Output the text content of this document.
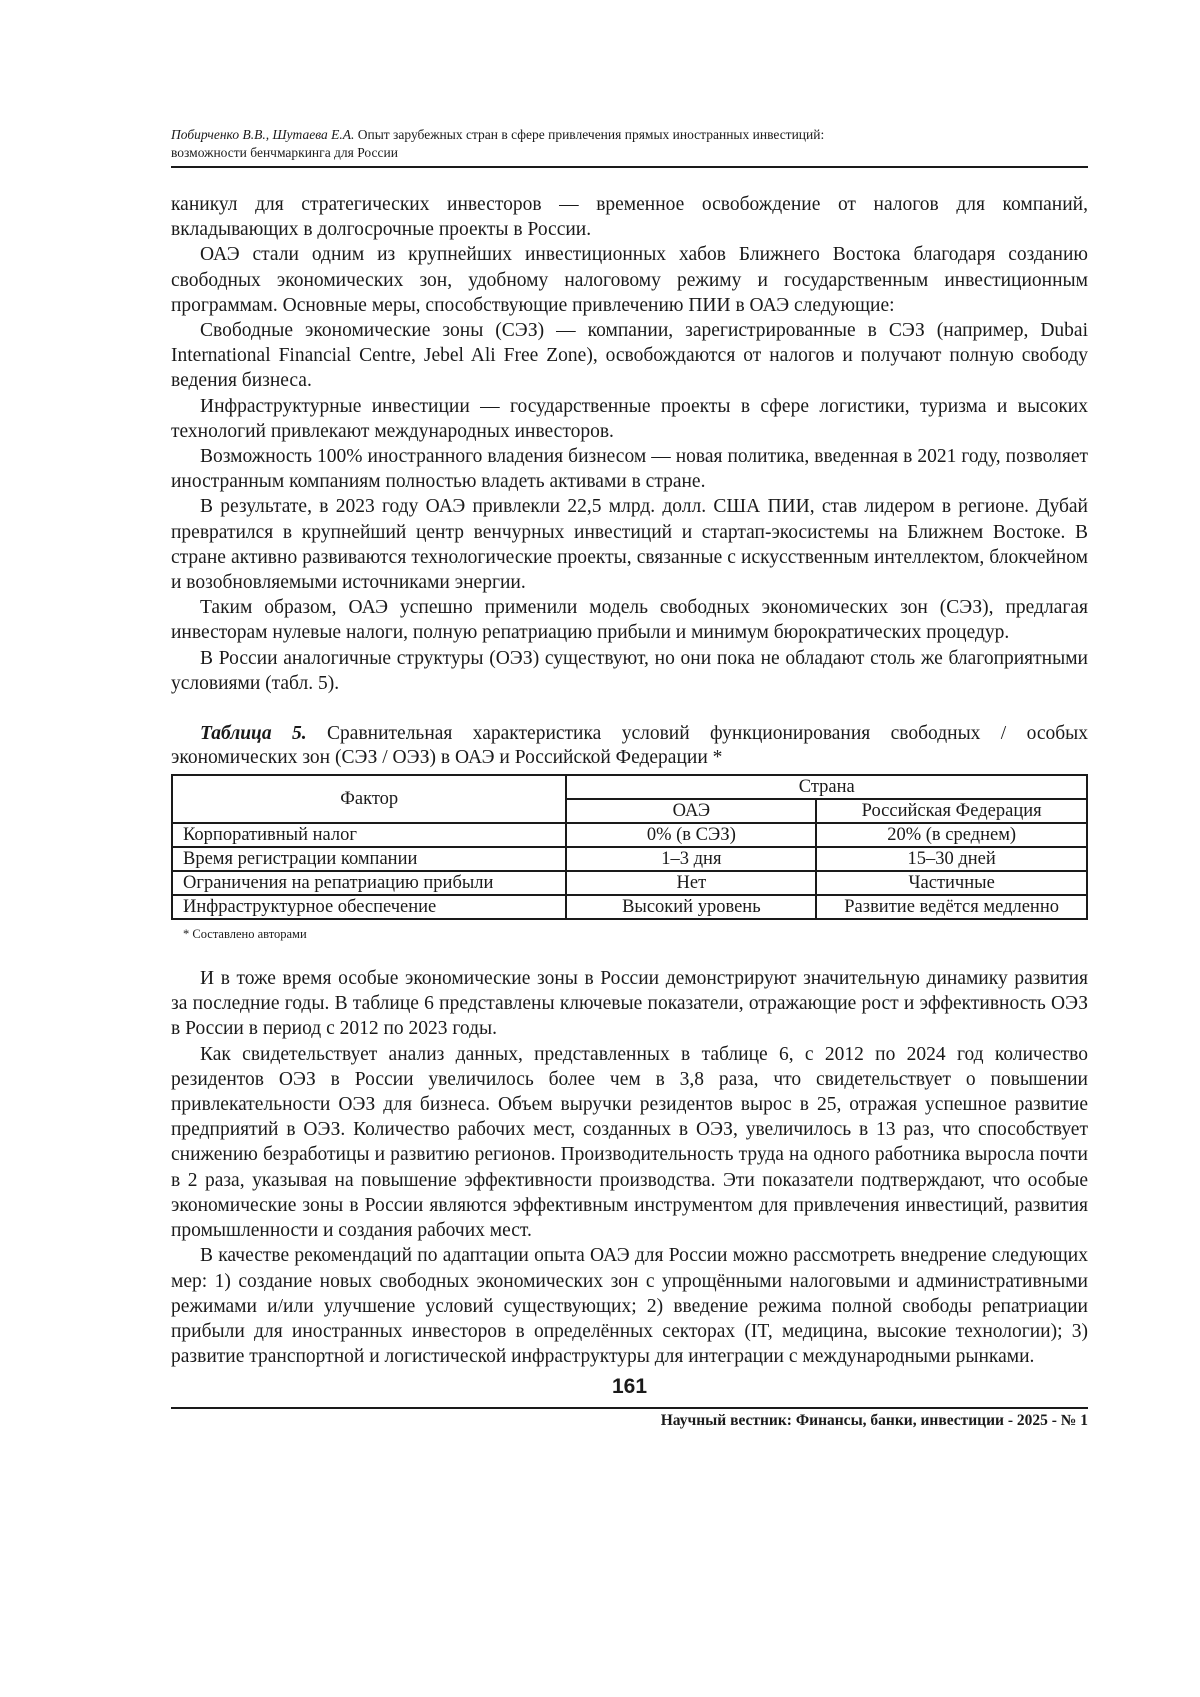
Побирченко В.В., Шутаева Е.А. Опыт зарубежных стран в сфере привлечения прямых иностранных инвестиций:
возможности бенчмаркинга для России

каникул для стратегических инвесторов — временное освобождение от налогов для компаний, вкладывающих в долгосрочные проекты в России.

ОАЭ стали одним из крупнейших инвестиционных хабов Ближнего Востока благодаря созданию свободных экономических зон, удобному налоговому режиму и государственным инвестиционным программам. Основные меры, способствующие привлечению ПИИ в ОАЭ следующие:

Свободные экономические зоны (СЭЗ) — компании, зарегистрированные в СЭЗ (например, Dubai International Financial Centre, Jebel Ali Free Zone), освобождаются от налогов и получают полную свободу ведения бизнеса.

Инфраструктурные инвестиции — государственные проекты в сфере логистики, туризма и высоких технологий привлекают международных инвесторов.

Возможность 100% иностранного владения бизнесом — новая политика, введенная в 2021 году, позволяет иностранным компаниям полностью владеть активами в стране.

В результате, в 2023 году ОАЭ привлекли 22,5 млрд. долл. США ПИИ, став лидером в регионе. Дубай превратился в крупнейший центр венчурных инвестиций и стартап-экосистемы на Ближнем Востоке. В стране активно развиваются технологические проекты, связанные с искусственным интеллектом, блокчейном и возобновляемыми источниками энергии.

Таким образом, ОАЭ успешно применили модель свободных экономических зон (СЭЗ), предлагая инвесторам нулевые налоги, полную репатриацию прибыли и минимум бюрократических процедур.

В России аналогичные структуры (ОЭЗ) существуют, но они пока не обладают столь же благоприятными условиями (табл. 5).

Таблица 5. Сравнительная характеристика условий функционирования свободных / особых экономических зон (СЭЗ / ОЭЗ) в ОАЭ и Российской Федерации *
Фактор	Страна	
	ОАЭ	Российская Федерация
Корпоративный налог	0% (в СЭЗ)	20% (в среднем)
Время регистрации компании	1–3 дня	15–30 дней
Ограничения на репатриацию прибыли	Нет	Частичные
Инфраструктурное обеспечение	Высокий уровень	Развитие ведётся медленно
* Составлено авторами

И в тоже время особые экономические зоны в России демонстрируют значительную динамику развития за последние годы. В таблице 6 представлены ключевые показатели, отражающие рост и эффективность ОЭЗ в России в период с 2012 по 2023 годы.

Как свидетельствует анализ данных, представленных в таблице 6, с 2012 по 2024 год количество резидентов ОЭЗ в России увеличилось более чем в 3,8 раза, что свидетельствует о повышении привлекательности ОЭЗ для бизнеса. Объем выручки резидентов вырос в 25, отражая успешное развитие предприятий в ОЭЗ. Количество рабочих мест, созданных в ОЭЗ, увеличилось в 13 раз, что способствует снижению безработицы и развитию регионов. Производительность труда на одного работника выросла почти в 2 раза, указывая на повышение эффективности производства. Эти показатели подтверждают, что особые экономические зоны в России являются эффективным инструментом для привлечения инвестиций, развития промышленности и создания рабочих мест.

В качестве рекомендаций по адаптации опыта ОАЭ для России можно рассмотреть внедрение следующих мер: 1) создание новых свободных экономических зон с упрощёнными налоговыми и административными режимами и/или улучшение условий существующих; 2) введение режима полной свободы репатриации прибыли для иностранных инвесторов в определённых секторах (IT, медицина, высокие технологии); 3) развитие транспортной и логистической инфраструктуры для интеграции с международными рынками.

161
Научный вестник: Финансы, банки, инвестиции - 2025 - № 1
